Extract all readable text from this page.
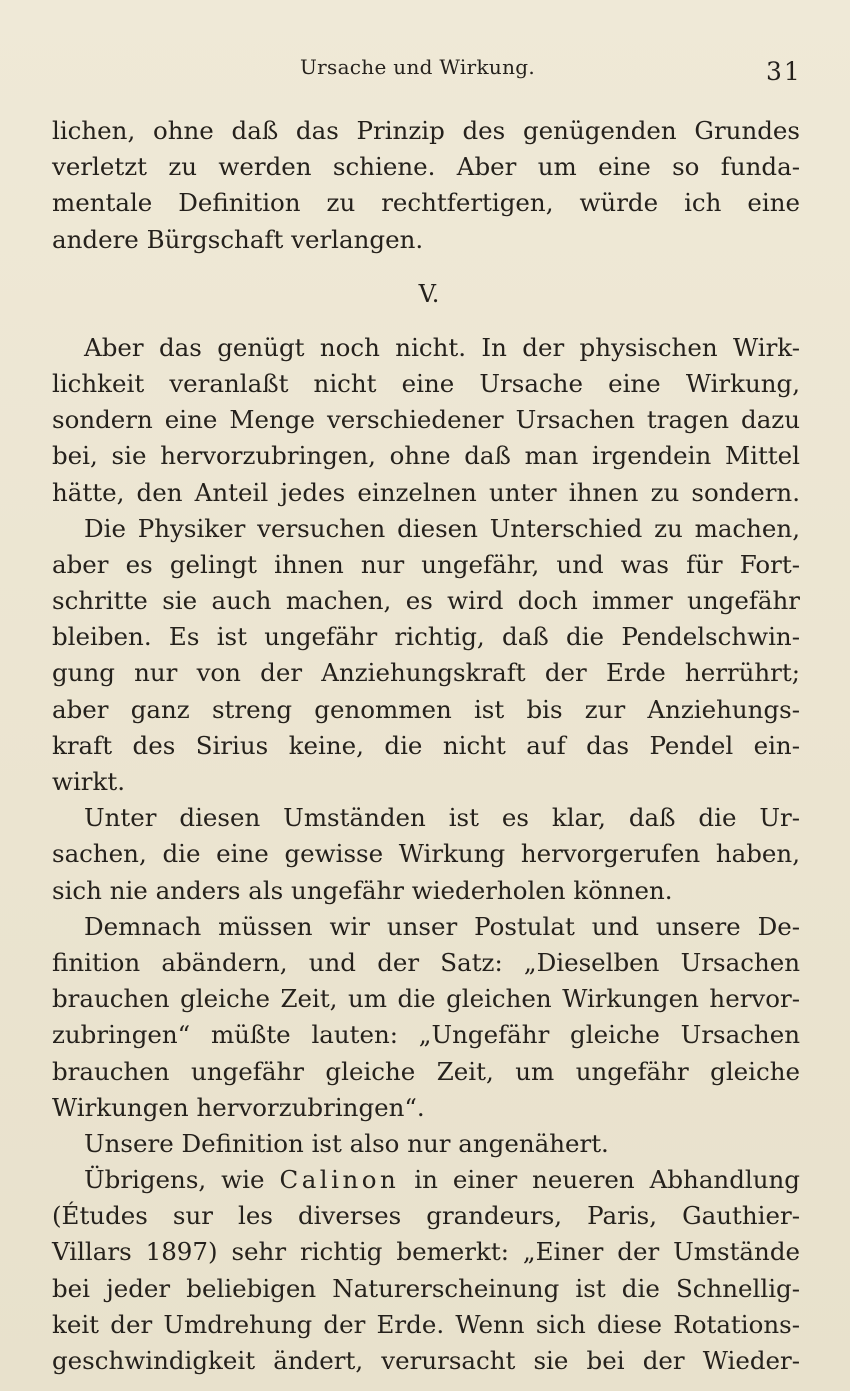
Ursache und Wirkung.	31
lichen, ohne daß das Prinzip des genügenden Grundes
verletzt zu werden schiene. Aber um eine so funda-
mentale Definition zu rechtfertigen, würde ich eine
andere Bürgschaft verlangen.
V.
Aber das genügt noch nicht. In der physischen Wirk-
lichkeit veranlaßt nicht eine Ursache eine Wirkung,
sondern eine Menge verschiedener Ursachen tragen dazu
bei, sie hervorzubringen, ohne daß man irgendein Mittel
hätte, den Anteil jedes einzelnen unter ihnen zu sondern.
Die Physiker versuchen diesen Unterschied zu machen,
aber es gelingt ihnen nur ungefähr, und was für Fort-
schritte sie auch machen, es wird doch immer ungefähr
bleiben. Es ist ungefähr richtig, daß die Pendelschwin-
gung nur von der Anziehungskraft der Erde herrührt;
aber ganz streng genommen ist bis zur Anziehungs-
kraft des Sirius keine, die nicht auf das Pendel ein-
wirkt.
Unter diesen Umständen ist es klar, daß die Ur-
sachen, die eine gewisse Wirkung hervorgerufen haben,
sich nie anders als ungefähr wiederholen können.
Demnach müssen wir unser Postulat und unsere De-
finition abändern, und der Satz: „Dieselben Ursachen
brauchen gleiche Zeit, um die gleichen Wirkungen hervor-
zubringen“ müßte lauten: „Ungefähr gleiche Ursachen
brauchen ungefähr gleiche Zeit, um ungefähr gleiche
Wirkungen hervorzubringen“.
Unsere Definition ist also nur angenähert.
Übrigens, wie Calinon in einer neueren Abhandlung
(Études sur les diverses grandeurs, Paris, Gauthier-
Villars 1897) sehr richtig bemerkt: „Einer der Umstände
bei jeder beliebigen Naturerscheinung ist die Schnellig-
keit der Umdrehung der Erde. Wenn sich diese Rotations-
geschwindigkeit ändert, verursacht sie bei der Wieder-
